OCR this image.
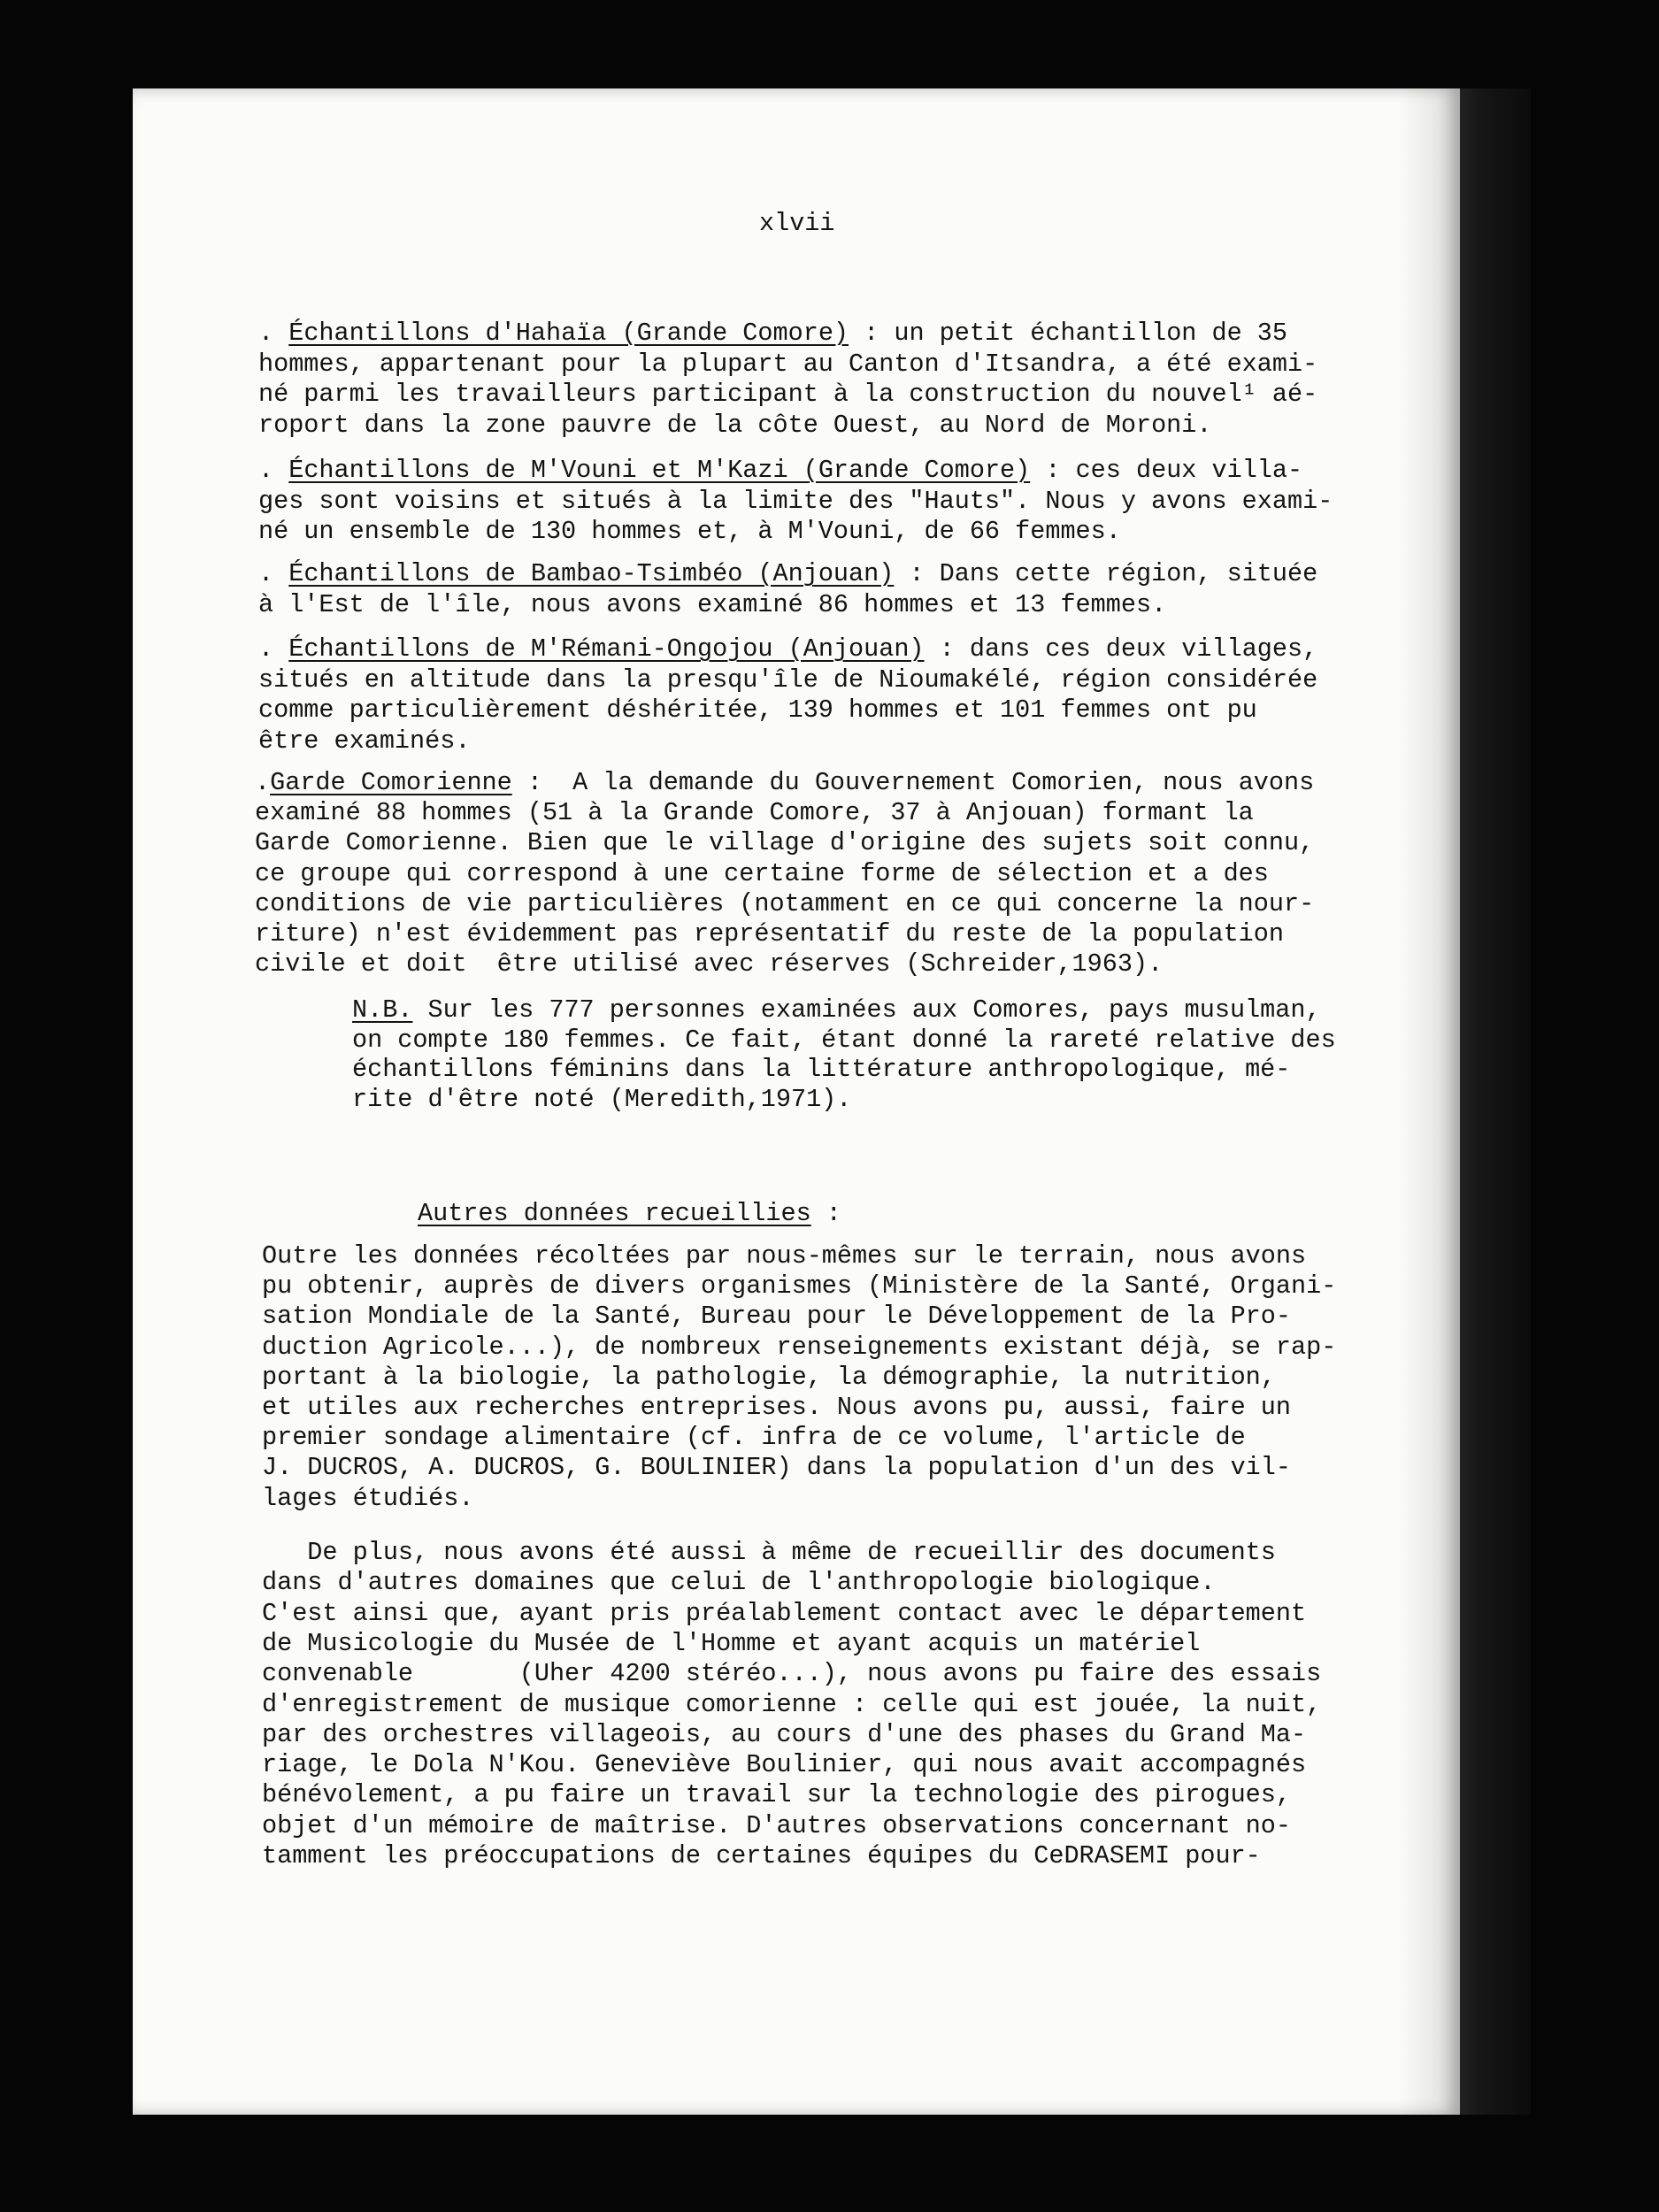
xlvii
. Échantillons d'Hahaïa (Grande Comore) : un petit échantillon de 35
hommes, appartenant pour la plupart au Canton d'Itsandra, a été exami-
né parmi les travailleurs participant à la construction du nouvel¹ aé-
roport dans la zone pauvre de la côte Ouest, au Nord de Moroni.
. Échantillons de M'Vouni et M'Kazi (Grande Comore) : ces deux villa-
ges sont voisins et situés à la limite des "Hauts". Nous y avons exami-
né un ensemble de 130 hommes et, à M'Vouni, de 66 femmes.
. Échantillons de Bambao-Tsimbéo (Anjouan) : Dans cette région, située
à l'Est de l'île, nous avons examiné 86 hommes et 13 femmes.
. Échantillons de M'Rémani-Ongojou (Anjouan) : dans ces deux villages,
situés en altitude dans la presqu'île de Nioumakélé, région considérée
comme particulièrement déshéritée, 139 hommes et 101 femmes ont pu
être examinés.
.Garde Comorienne :  A la demande du Gouvernement Comorien, nous avons
examiné 88 hommes (51 à la Grande Comore, 37 à Anjouan) formant la
Garde Comorienne. Bien que le village d'origine des sujets soit connu,
ce groupe qui correspond à une certaine forme de sélection et a des
conditions de vie particulières (notamment en ce qui concerne la nour-
riture) n'est évidemment pas représentatif du reste de la population
civile et doit  être utilisé avec réserves (Schreider,1963).
N.B. Sur les 777 personnes examinées aux Comores, pays musulman,
on compte 180 femmes. Ce fait, étant donné la rareté relative des
échantillons féminins dans la littérature anthropologique, mé-
rite d'être noté (Meredith,1971).
Autres données recueillies :
Outre les données récoltées par nous-mêmes sur le terrain, nous avons
pu obtenir, auprès de divers organismes (Ministère de la Santé, Organi-
sation Mondiale de la Santé, Bureau pour le Développement de la Pro-
duction Agricole...), de nombreux renseignements existant déjà, se rap-
portant à la biologie, la pathologie, la démographie, la nutrition,
et utiles aux recherches entreprises. Nous avons pu, aussi, faire un
premier sondage alimentaire (cf. infra de ce volume, l'article de
J. DUCROS, A. DUCROS, G. BOULINIER) dans la population d'un des vil-
lages étudiés.
De plus, nous avons été aussi à même de recueillir des documents
dans d'autres domaines que celui de l'anthropologie biologique.
C'est ainsi que, ayant pris préalablement contact avec le département
de Musicologie du Musée de l'Homme et ayant acquis un matériel
convenable       (Uher 4200 stéréo...), nous avons pu faire des essais
d'enregistrement de musique comorienne : celle qui est jouée, la nuit,
par des orchestres villageois, au cours d'une des phases du Grand Ma-
riage, le Dola N'Kou. Geneviève Boulinier, qui nous avait accompagnés
bénévolement, a pu faire un travail sur la technologie des pirogues,
objet d'un mémoire de maîtrise. D'autres observations concernant no-
tamment les préoccupations de certaines équipes du CeDRASEMI pour-
